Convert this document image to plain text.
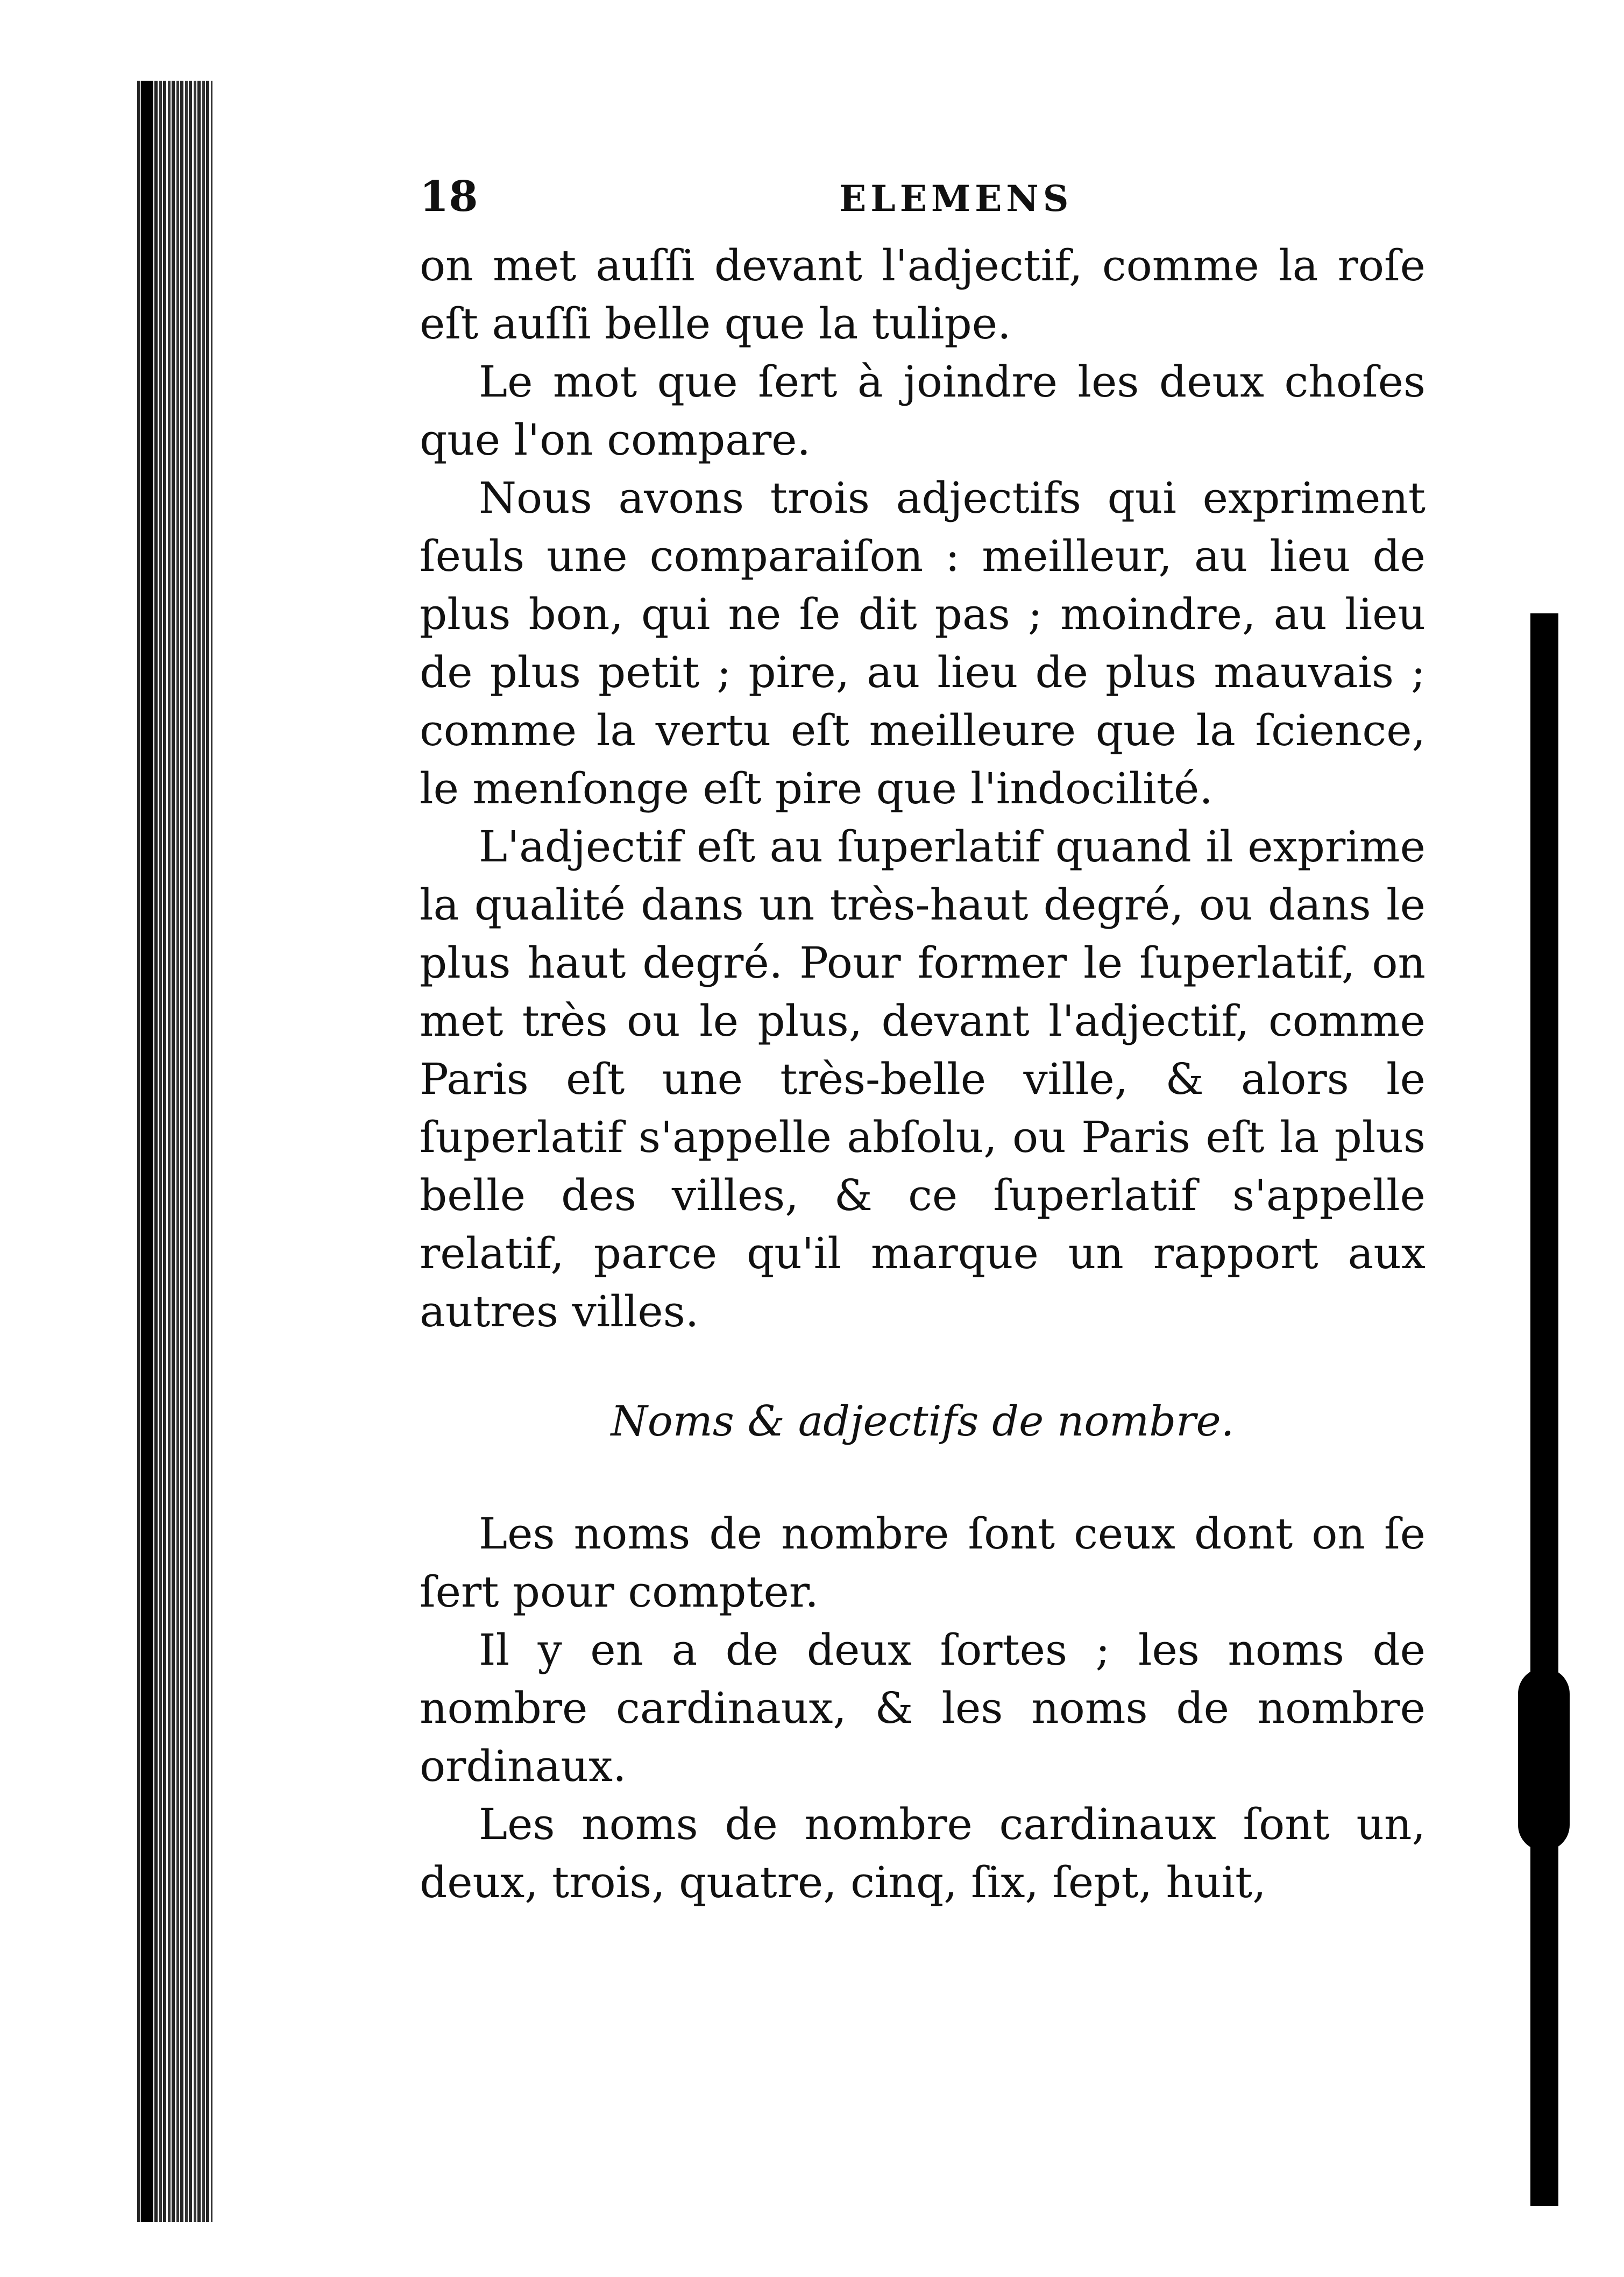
18	ELEMENS

on met auſſi devant l'adjectif, comme la roſe eſt auſſi belle que la tulipe.

Le mot que ſert à joindre les deux choſes que l'on compare.

Nous avons trois adjectifs qui expriment ſeuls une comparaiſon : meilleur, au lieu de plus bon, qui ne ſe dit pas ; moindre, au lieu de plus petit ; pire, au lieu de plus mauvais ; comme la vertu eſt meilleure que la ſcience, le menſonge eſt pire que l'indocilité.

L'adjectif eſt au ſuperlatif quand il exprime la qualité dans un très-haut degré, ou dans le plus haut degré. Pour former le ſuperlatif, on met très ou le plus, devant l'adjectif, comme Paris eſt une très-belle ville, & alors le ſuperlatif s'appelle abſolu, ou Paris eſt la plus belle des villes, & ce ſuperlatif s'appelle relatif, parce qu'il marque un rapport aux autres villes.

Noms & adjectifs de nombre.

Les noms de nombre ſont ceux dont on ſe ſert pour compter.

Il y en a de deux ſortes ; les noms de nombre cardinaux, & les noms de nombre ordinaux.

Les noms de nombre cardinaux ſont un, deux, trois, quatre, cinq, ſix, ſept, huit,
